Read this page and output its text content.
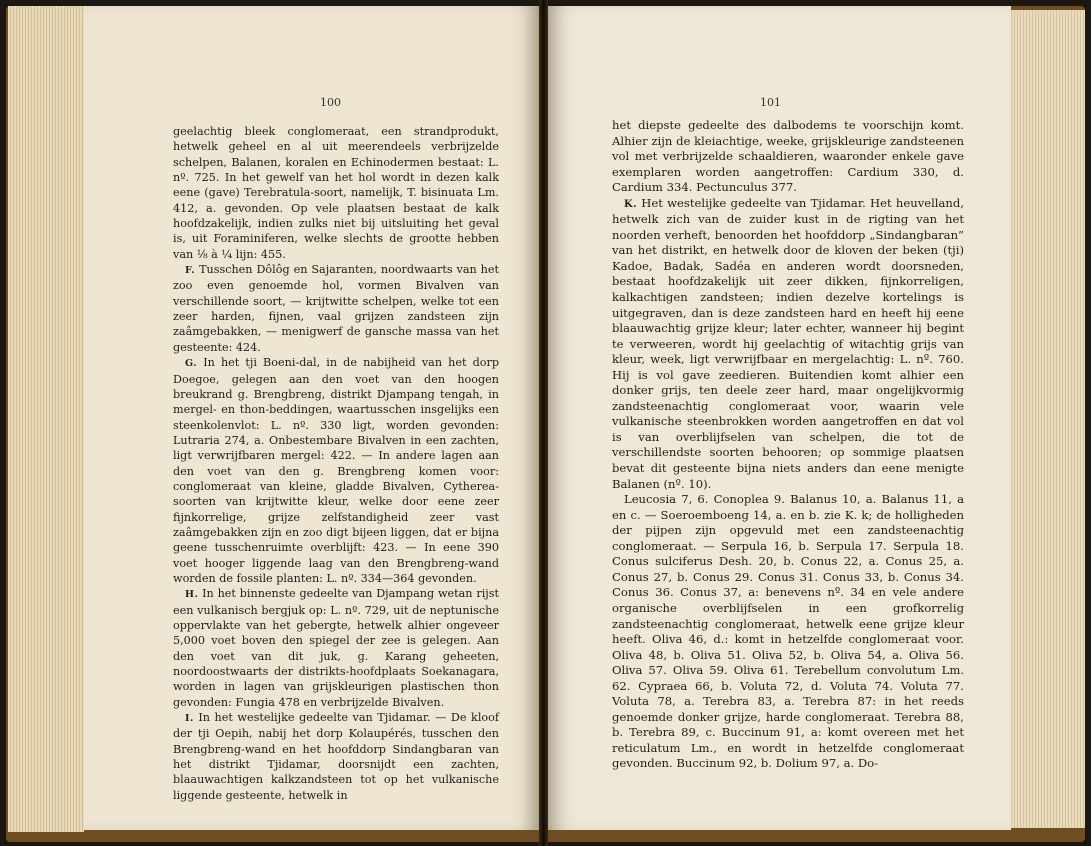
100

geelachtig bleek conglomeraat, een strandprodukt, hetwelk geheel en al uit meerendeels verbrijzelde schelpen, Balanen, koralen en Echinodermen bestaat: L. nº. 725. In het gewelf van het hol wordt in dezen kalk eene (gave) Terebratula-soort, namelijk, T. bisinuata Lm. 412, a. gevonden. Op vele plaatsen bestaat de kalk hoofdzakelijk, indien zulks niet bij uitsluiting het geval is, uit Foraminiferen, welke slechts de grootte hebben van ⅛ à ¼ lijn: 455.

F. Tusschen Dôlôg en Sajaranten, noordwaarts van het zoo even genoemde hol, vormen Bivalven van verschillende soort, — krijtwitte schelpen, welke tot een zeer harden, fijnen, vaal grijzen zandsteen zijn zaâmgebakken, — menigwerf de gansche massa van het gesteente: 424.

G. In het tji Boeni-dal, in de nabijheid van het dorp Doegoe, gelegen aan den voet van den hoogen breukrand g. Brengbreng, distrikt Djampang tengah, in mergel- en thon-beddingen, waartusschen insgelijks een steenkolenvlot: L. nº. 330 ligt, worden gevonden: Lutraria 274, a. Onbestembare Bivalven in een zachten, ligt verwrijfbaren mergel: 422. — In andere lagen aan den voet van den g. Brengbreng komen voor: conglomeraat van kleine, gladde Bivalven, Cytherea-soorten van krijtwitte kleur, welke door eene zeer fijnkorrelige, grijze zelfstandigheid zeer vast zaâmgebakken zijn en zoo digt bijeen liggen, dat er bijna geene tusschenruimte overblijft: 423. — In eene 390 voet hooger liggende laag van den Brengbreng-wand worden de fossile planten: L. nº. 334—364 gevonden.

H. In het binnenste gedeelte van Djampang wetan rijst een vulkanisch bergjuk op: L. nº. 729, uit de neptunische oppervlakte van het gebergte, hetwelk alhier ongeveer 5,000 voet boven den spiegel der zee is gelegen. Aan den voet van dit juk, g. Karang geheeten, noordoostwaarts der distrikts-hoofdplaats Soekanagara, worden in lagen van grijskleurigen plastischen thon gevonden: Fungia 478 en verbrijzelde Bivalven.

I. In het westelijke gedeelte van Tjidamar. — De kloof der tji Oepih, nabij het dorp Kolaupérés, tusschen den Brengbreng-wand en het hoofddorp Sindangbaran van het distrikt Tjidamar, doorsnijdt een zachten, blaauwachtigen kalkzandsteen tot op het vulkanische liggende gesteente, hetwelk in

101

het diepste gedeelte des dalbodems te voorschijn komt. Alhier zijn de kleiachtige, weeke, grijskleurige zandsteenen vol met verbrijzelde schaaldieren, waaronder enkele gave exemplaren worden aangetroffen: Cardium 330, d. Cardium 334. Pectunculus 377.

K. Het westelijke gedeelte van Tjidamar. Het heuvelland, hetwelk zich van de zuider kust in de rigting van het noorden verheft, benoorden het hoofddorp „Sindangbaran” van het distrikt, en hetwelk door de kloven der beken (tji) Kadoe, Badak, Sadéa en anderen wordt doorsneden, bestaat hoofdzakelijk uit zeer dikken, fijnkorreligen, kalkachtigen zandsteen; indien dezelve kortelings is uitgegraven, dan is deze zandsteen hard en heeft hij eene blaauwachtig grijze kleur; later echter, wanneer hij begint te verweeren, wordt hij geelachtig of witachtig grijs van kleur, week, ligt verwrijfbaar en mergelachtig: L. nº. 760. Hij is vol gave zeedieren. Buitendien komt alhier een donker grijs, ten deele zeer hard, maar ongelijkvormig zandsteenachtig conglomeraat voor, waarin vele vulkanische steenbrokken worden aangetroffen en dat vol is van overblijfselen van schelpen, die tot de verschillendste soorten behooren; op sommige plaatsen bevat dit gesteente bijna niets anders dan eene menigte Balanen (nº. 10).

Leucosia 7, 6. Conoplea 9. Balanus 10, a. Balanus 11, a en c. — Soeroemboeng 14, a. en b. zie K. k; de holligheden der pijpen zijn opgevuld met een zandsteenachtig conglomeraat. — Serpula 16, b. Serpula 17. Serpula 18. Conus sulciferus Desh. 20, b. Conus 22, a. Conus 25, a. Conus 27, b. Conus 29. Conus 31. Conus 33, b. Conus 34. Conus 36. Conus 37, a: benevens nº. 34 en vele andere organische overblijfselen in een grofkorrelig zandsteenachtig conglomeraat, hetwelk eene grijze kleur heeft. Oliva 46, d.: komt in hetzelfde conglomeraat voor. Oliva 48, b. Oliva 51. Oliva 52, b. Oliva 54, a. Oliva 56. Oliva 57. Oliva 59. Oliva 61. Terebellum convolutum Lm. 62. Cypraea 66, b. Voluta 72, d. Voluta 74. Voluta 77. Voluta 78, a. Terebra 83, a. Terebra 87: in het reeds genoemde donker grijze, harde conglomeraat. Terebra 88, b. Terebra 89, c. Buccinum 91, a: komt overeen met het reticulatum Lm., en wordt in hetzelfde conglomeraat gevonden. Buccinum 92, b. Dolium 97, a. Do-
